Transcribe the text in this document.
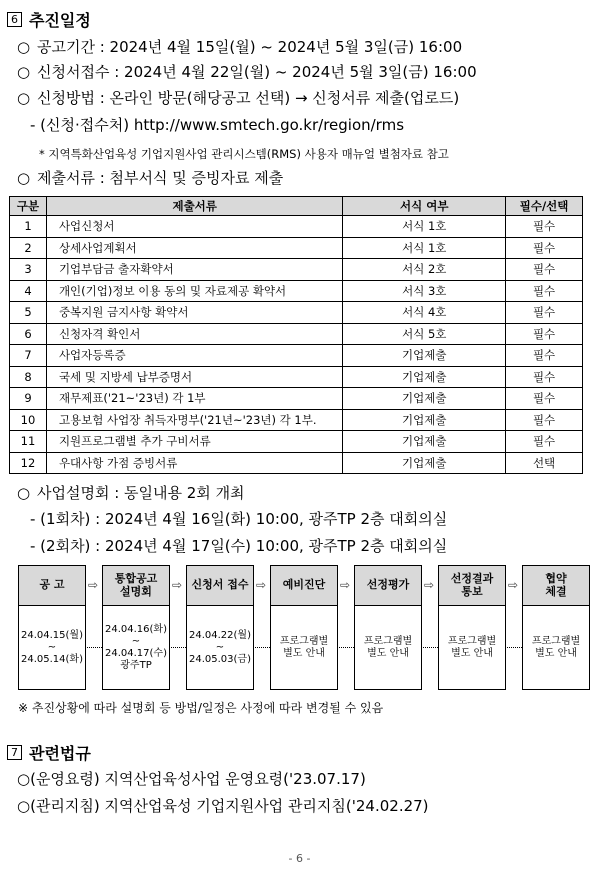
6 추진일정
○ 공고기간 : 2024년 4월 15일(월) ~ 2024년 5월 3일(금) 16:00
○ 신청서접수 : 2024년 4월 22일(월) ~ 2024년 5월 3일(금) 16:00
○ 신청방법 : 온라인 방문(해당공고 선택) → 신청서류 제출(업로드)
- (신청·접수처) http://www.smtech.go.kr/region/rms
* 지역특화산업육성 기업지원사업 관리시스템(RMS) 사용자 매뉴얼 별첨자료 참고
○ 제출서류 : 첨부서식 및 증빙자료 제출
구분	제출서류	서식 여부	필수/선택
1	사업신청서	서식 1호	필수
2	상세사업계획서	서식 1호	필수
3	기업부담금 출자확약서	서식 2호	필수
4	개인(기업)정보 이용 동의 및 자료제공 확약서	서식 3호	필수
5	중복지원 금지사항 확약서	서식 4호	필수
6	신청자격 확인서	서식 5호	필수
7	사업자등록증	기업제출	필수
8	국세 및 지방세 납부증명서	기업제출	필수
9	재무제표('21~'23년) 각 1부	기업제출	필수
10	고용보험 사업장 취득자명부('21년~'23년) 각 1부.	기업제출	필수
11	지원프로그램별 추가 구비서류	기업제출	필수
12	우대사항 가점 증빙서류	기업제출	선택
○ 사업설명회 : 동일내용 2회 개최
- (1회차) : 2024년 4월 16일(화) 10:00, 광주TP 2층 대회의실
- (2회차) : 2024년 4월 17일(수) 10:00, 광주TP 2층 대회의실
공 고
24.04.15(월)
~
24.05.14(화)
⇨	통합공고
설명회
24.04.16(화)
~
24.04.17(수)
광주TP
⇨ 신청서 접수
24.04.22(월)
~
24.05.03(금)
⇨	예비진단
프로그램별
별도 안내
⇨	선정평가
프로그램별
별도 안내
⇨	선정결과
통보
프로그램별
별도 안내
⇨	협약
체결
프로그램별
별도 안내
※ 추진상황에 따라 설명회 등 방법/일정은 사정에 따라 변경될 수 있음
7 관련법규
○(운영요령) 지역산업육성사업 운영요령('23.07.17)
○(관리지침) 지역산업육성 기업지원사업 관리지침('24.02.27)
- 6 -
